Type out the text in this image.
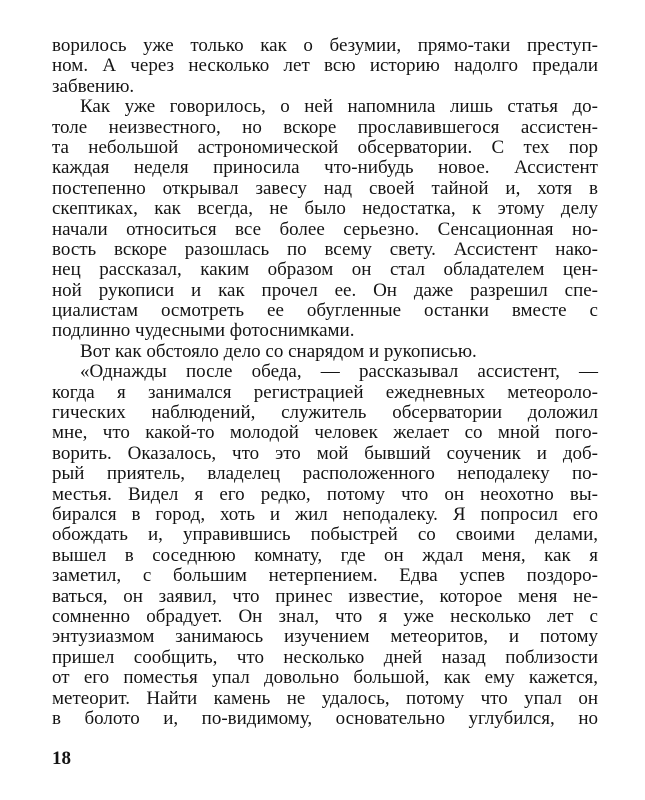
ворилось уже только как о безумии, прямо-таки преступ-
ном. А через несколько лет всю историю надолго предали
забвению.
Как уже говорилось, о ней напомнила лишь статья до-
толе неизвестного, но вскоре прославившегося ассистен-
та небольшой астрономической обсерватории. С тех пор
каждая неделя приносила что-нибудь новое. Ассистент
постепенно открывал завесу над своей тайной и, хотя в
скептиках, как всегда, не было недостатка, к этому делу
начали относиться все более серьезно. Сенсационная но-
вость вскоре разошлась по всему свету. Ассистент нако-
нец рассказал, каким образом он стал обладателем цен-
ной рукописи и как прочел ее. Он даже разрешил спе-
циалистам осмотреть ее обугленные останки вместе с
подлинно чудесными фотоснимками.
Вот как обстояло дело со снарядом и рукописью.
«Однажды после обеда, — рассказывал ассистент, —
когда я занимался регистрацией ежедневных метеороло-
гических наблюдений, служитель обсерватории доложил
мне, что какой-то молодой человек желает со мной пого-
ворить. Оказалось, что это мой бывший соученик и доб-
рый приятель, владелец расположенного неподалеку по-
местья. Видел я его редко, потому что он неохотно вы-
бирался в город, хоть и жил неподалеку. Я попросил его
обождать и, управившись побыстрей со своими делами,
вышел в соседнюю комнату, где он ждал меня, как я
заметил, с большим нетерпением. Едва успев поздоро-
ваться, он заявил, что принес известие, которое меня не-
сомненно обрадует. Он знал, что я уже несколько лет с
энтузиазмом занимаюсь изучением метеоритов, и потому
пришел сообщить, что несколько дней назад поблизости
от его поместья упал довольно большой, как ему кажется,
метеорит. Найти камень не удалось, потому что упал он
в болото и, по-видимому, основательно углубился, но
18
